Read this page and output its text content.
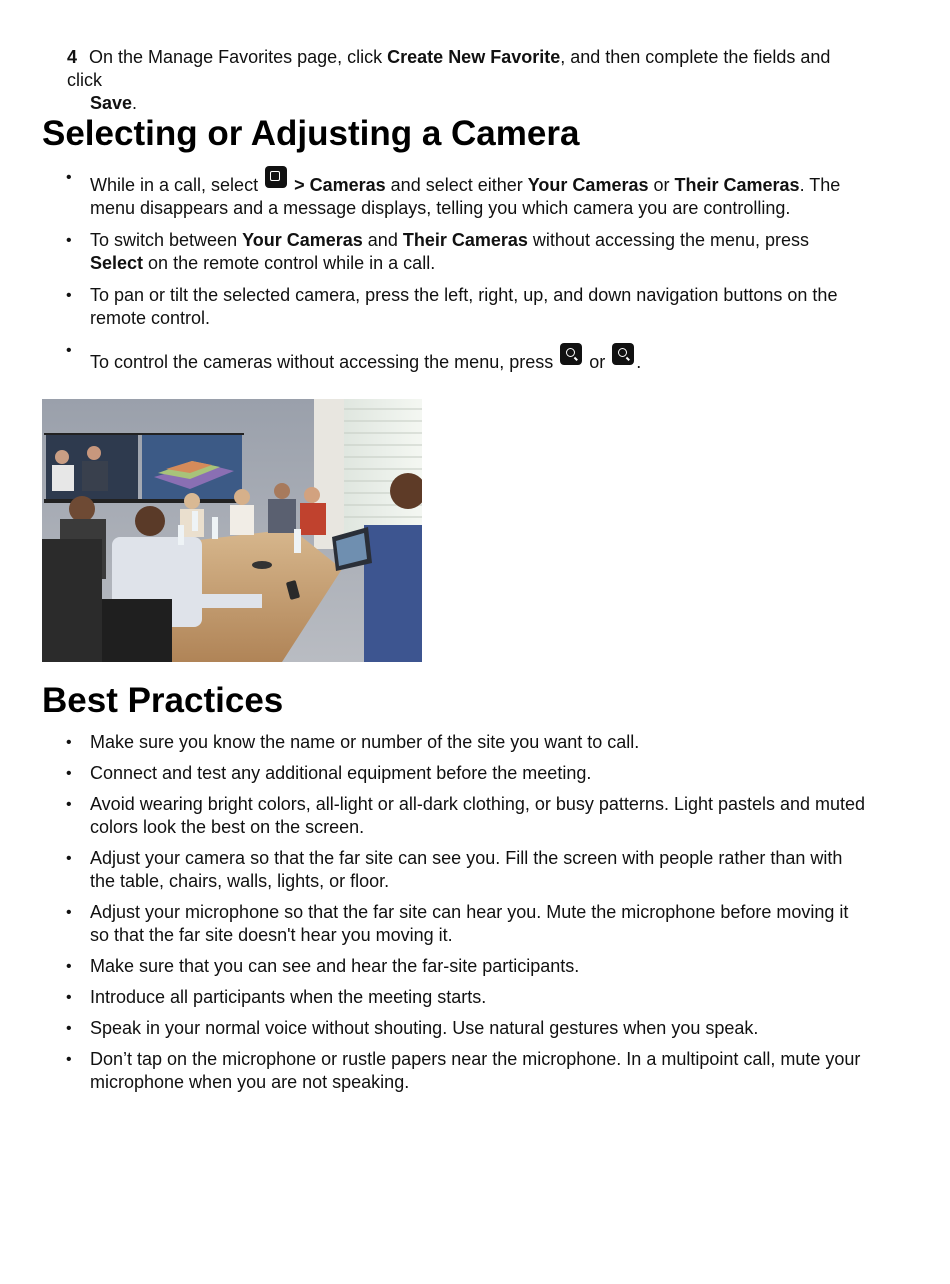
4 On the Manage Favorites page, click Create New Favorite, and then complete the fields and click
Save.
Selecting or Adjusting a Camera
• While in a call, select
> Cameras and select either Your Cameras or Their Cameras. The menu disappears and a message displays, telling you which camera you are controlling.
• To switch between Your Cameras and Their Cameras without accessing the menu, press Select on the remote control while in a call.
• To pan or tilt the selected camera, press the left, right, up, and down navigation buttons on the remote control.
• To control the cameras without accessing the menu, press
or
.
Best Practices
• Make sure you know the name or number of the site you want to call.
• Connect and test any additional equipment before the meeting.
• Avoid wearing bright colors, all-light or all-dark clothing, or busy patterns. Light pastels and muted colors look the best on the screen.
• Adjust your camera so that the far site can see you. Fill the screen with people rather than with the table, chairs, walls, lights, or floor.
• Adjust your microphone so that the far site can hear you. Mute the microphone before moving it so that the far site doesn't hear you moving it.
• Make sure that you can see and hear the far-site participants.
• Introduce all participants when the meeting starts.
• Speak in your normal voice without shouting. Use natural gestures when you speak.
• Don’t tap on the microphone or rustle papers near the microphone. In a multipoint call, mute your microphone when you are not speaking.
